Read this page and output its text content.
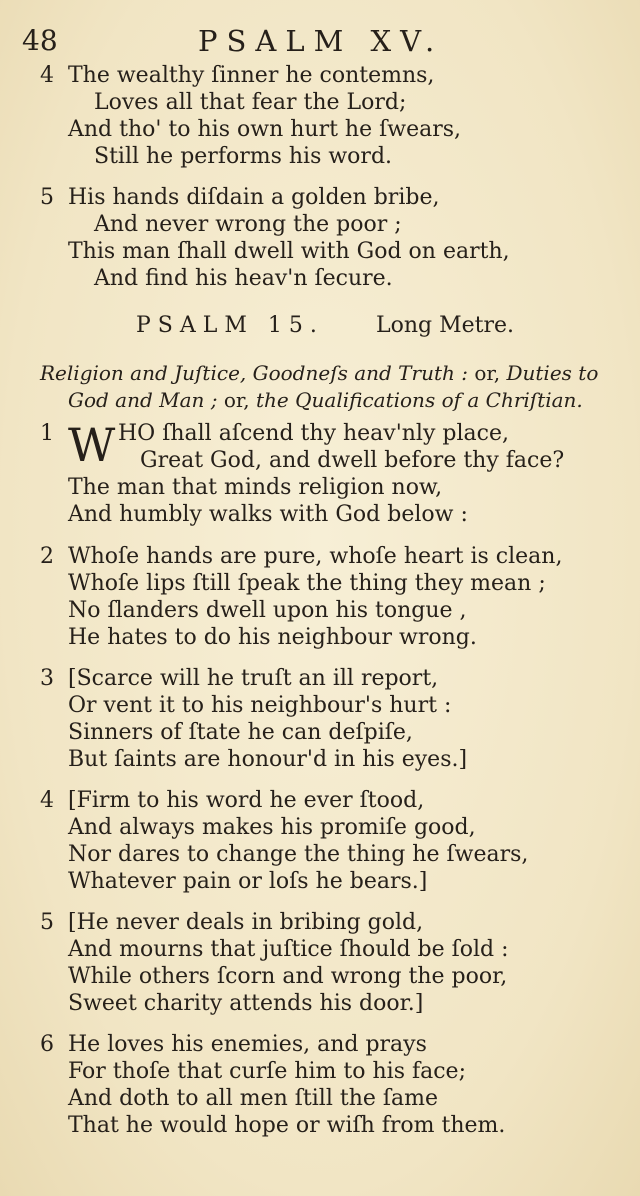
48	PSALM XV.
4 The wealthy ſinner he contemns,
Loves all that fear the Lord;
And tho' to his own hurt he ſwears,
Still he performs his word.
5 His hands diſdain a golden bribe,
And never wrong the poor ;
This man ſhall dwell with God on earth,
And find his heav'n ſecure.
PSALM 15. Long Metre.
Religion and Juſtice, Goodneſs and Truth : or, Duties to
God and Man ; or, the Qualifications of a Chriſtian.
1 W HO ſhall aſcend thy heav'nly place,
Great God, and dwell before thy face?
The man that minds religion now,
And humbly walks with God below :
2 Whoſe hands are pure, whoſe heart is clean,
Whoſe lips ſtill ſpeak the thing they mean ;
No ſlanders dwell upon his tongue ,
He hates to do his neighbour wrong.
3 [Scarce will he truſt an ill report,
Or vent it to his neighbour's hurt :
Sinners of ſtate he can deſpiſe,
But ſaints are honour'd in his eyes.]
4 [Firm to his word he ever ſtood,
And always makes his promiſe good,
Nor dares to change the thing he ſwears,
Whatever pain or loſs he bears.]
5 [He never deals in bribing gold,
And mourns that juſtice ſhould be ſold :
While others ſcorn and wrong the poor,
Sweet charity attends his door.]
6 He loves his enemies, and prays
For thoſe that curſe him to his face;
And doth to all men ſtill the ſame
That he would hope or wiſh from them.
